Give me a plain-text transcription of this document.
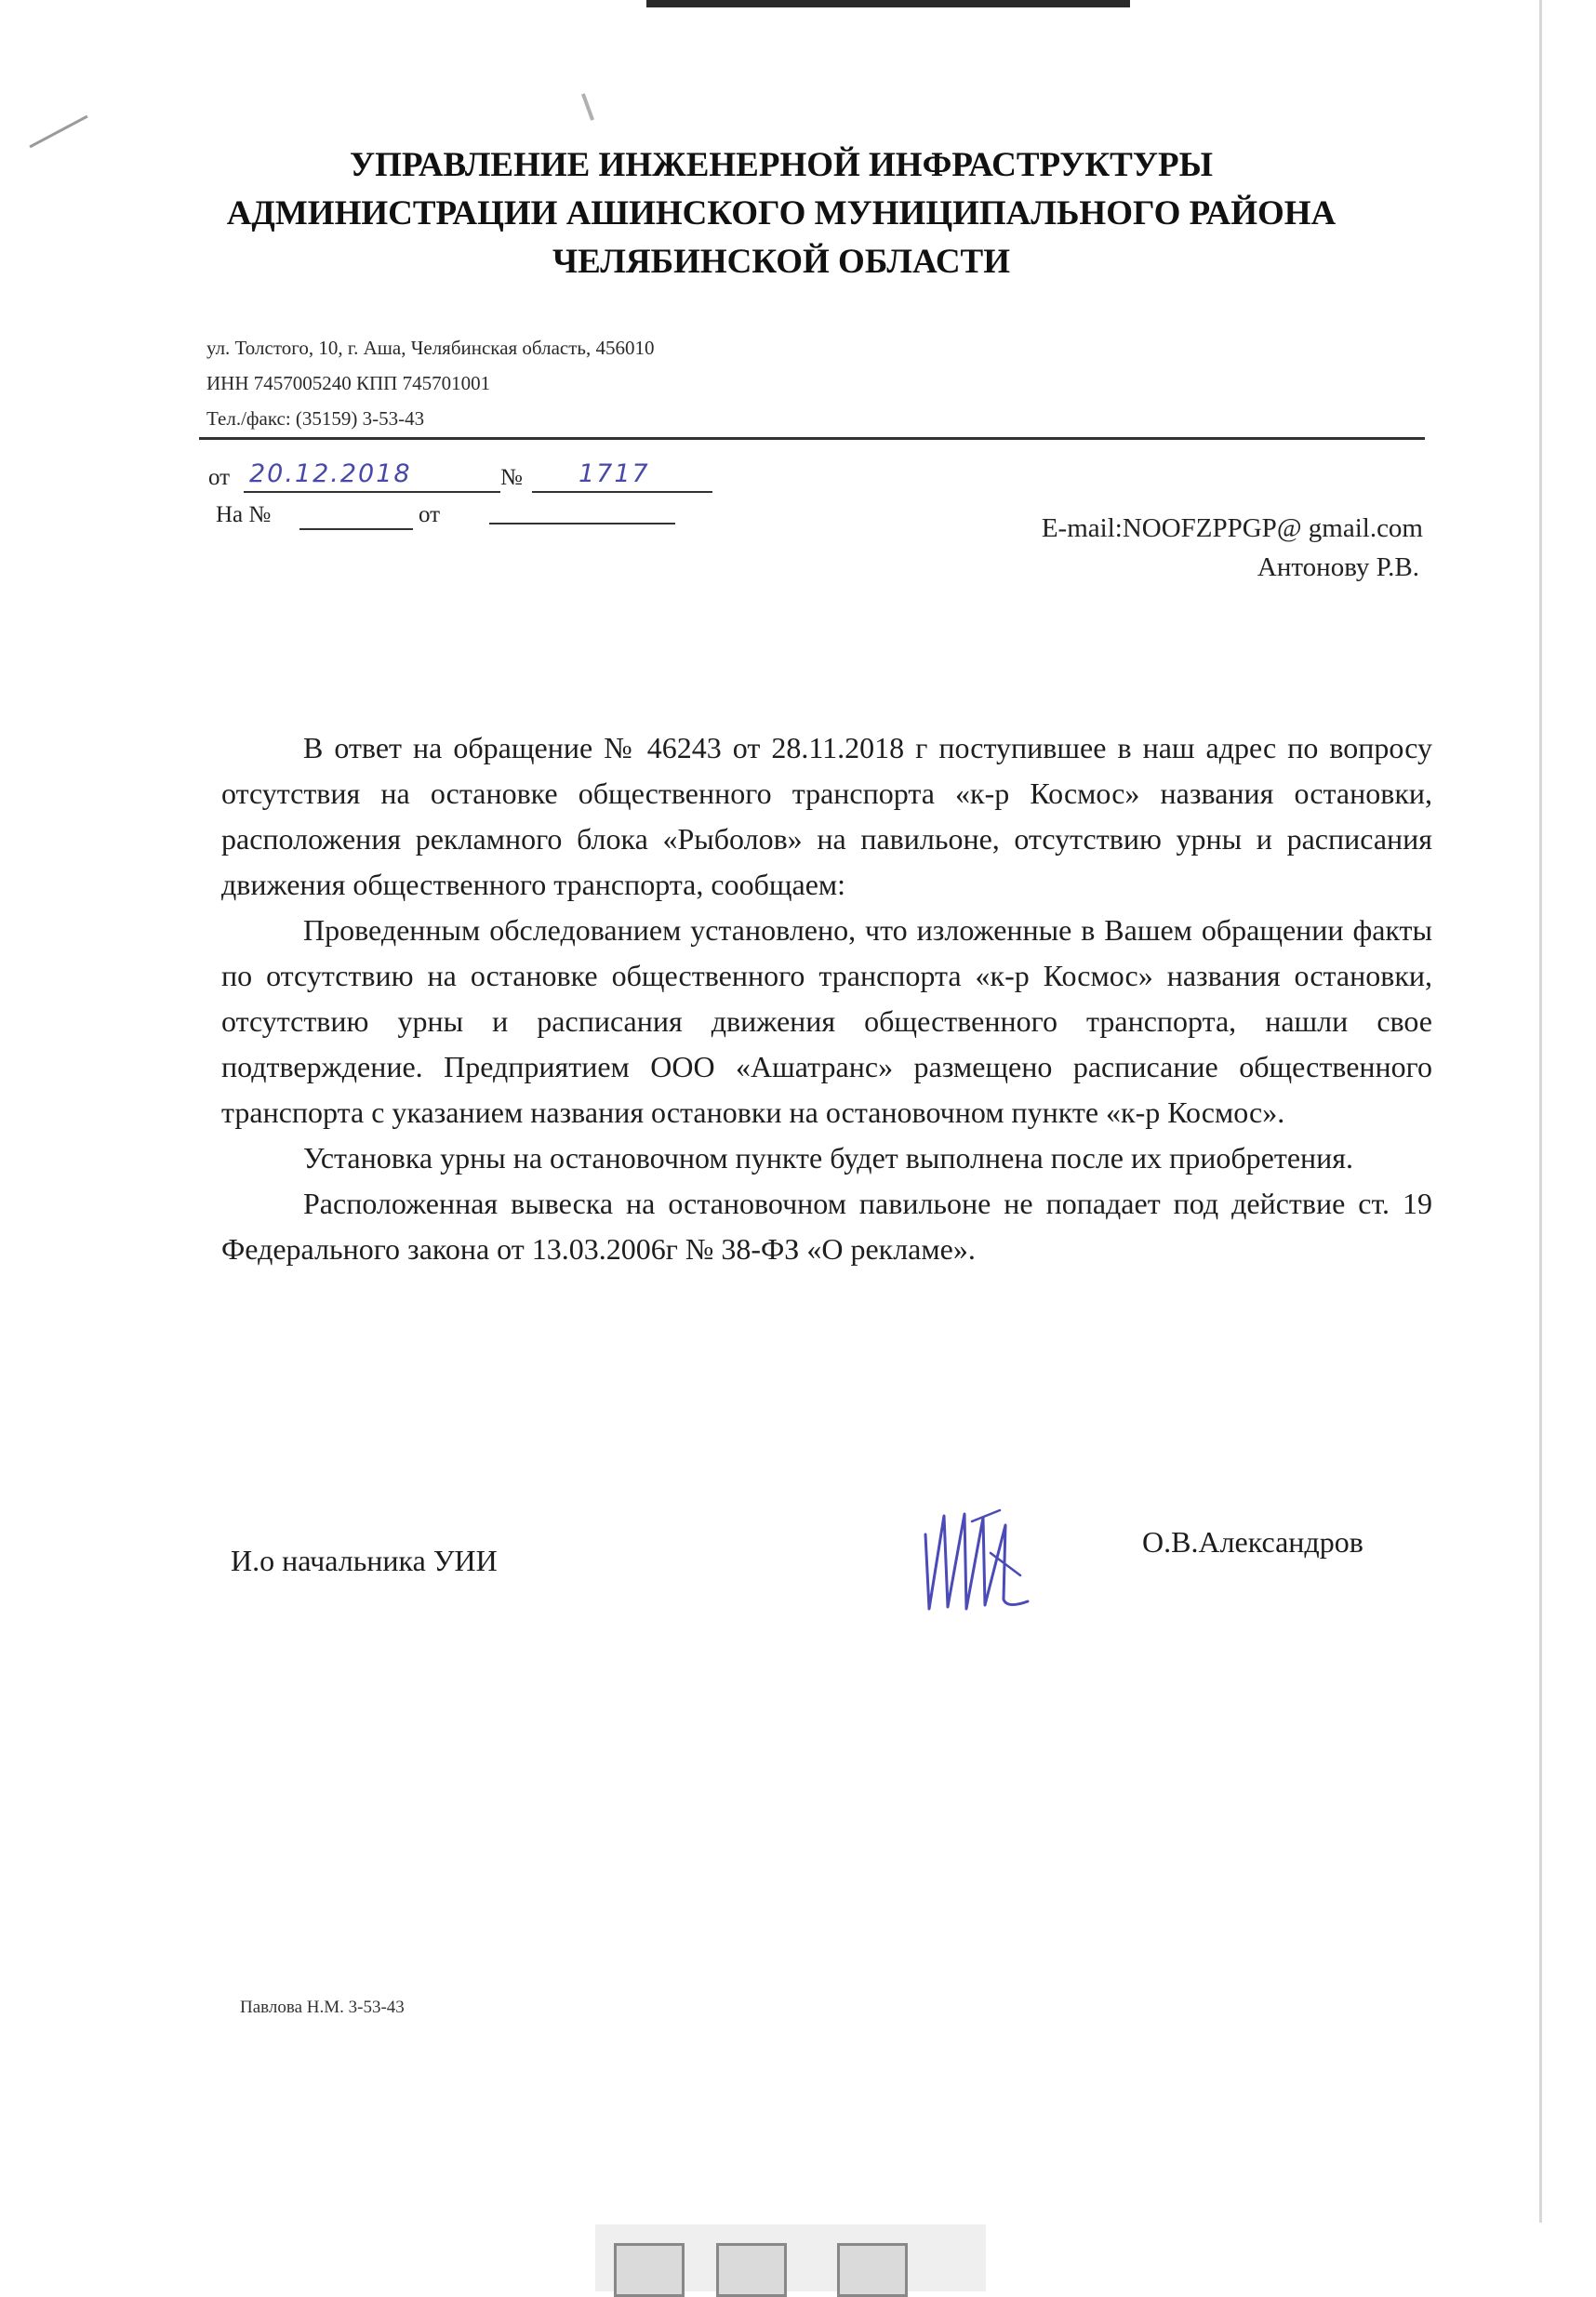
УПРАВЛЕНИЕ ИНЖЕНЕРНОЙ ИНФРАСТРУКТУРЫ
АДМИНИСТРАЦИИ АШИНСКОГО МУНИЦИПАЛЬНОГО РАЙОНА
ЧЕЛЯБИНСКОЙ ОБЛАСТИ
ул. Толстого, 10, г. Аша, Челябинская область, 456010
ИНН 7457005240 КПП 745701001
Тел./факс: (35159) 3-53-43
от 20.12.2018	№ 1717
На №	от	E-mail:NOOFZPPGP@ gmail.com
Антонову Р.В.

В ответ на обращение № 46243 от 28.11.2018 г поступившее в наш адрес по вопросу отсутствия на остановке общественного транспорта «к-р Космос» названия остановки, расположения рекламного блока «Рыболов» на павильоне, отсутствию урны и расписания движения общественного транспорта, сообщаем:

Проведенным обследованием установлено, что изложенные в Вашем обращении факты по отсутствию на остановке общественного транспорта «к-р Космос» названия остановки, отсутствию урны и расписания движения общественного транспорта, нашли свое подтверждение. Предприятием ООО «Ашатранс» размещено расписание общественного транспорта с указанием названия остановки на остановочном пункте «к-р Космос».

Установка урны на остановочном пункте будет выполнена после их приобретения.

Расположенная вывеска на остановочном павильоне не попадает под действие ст. 19 Федерального закона от 13.03.2006г № 38-ФЗ «О рекламе».

И.о начальника УИИ
О.В.Александров
Павлова Н.М. 3-53-43
